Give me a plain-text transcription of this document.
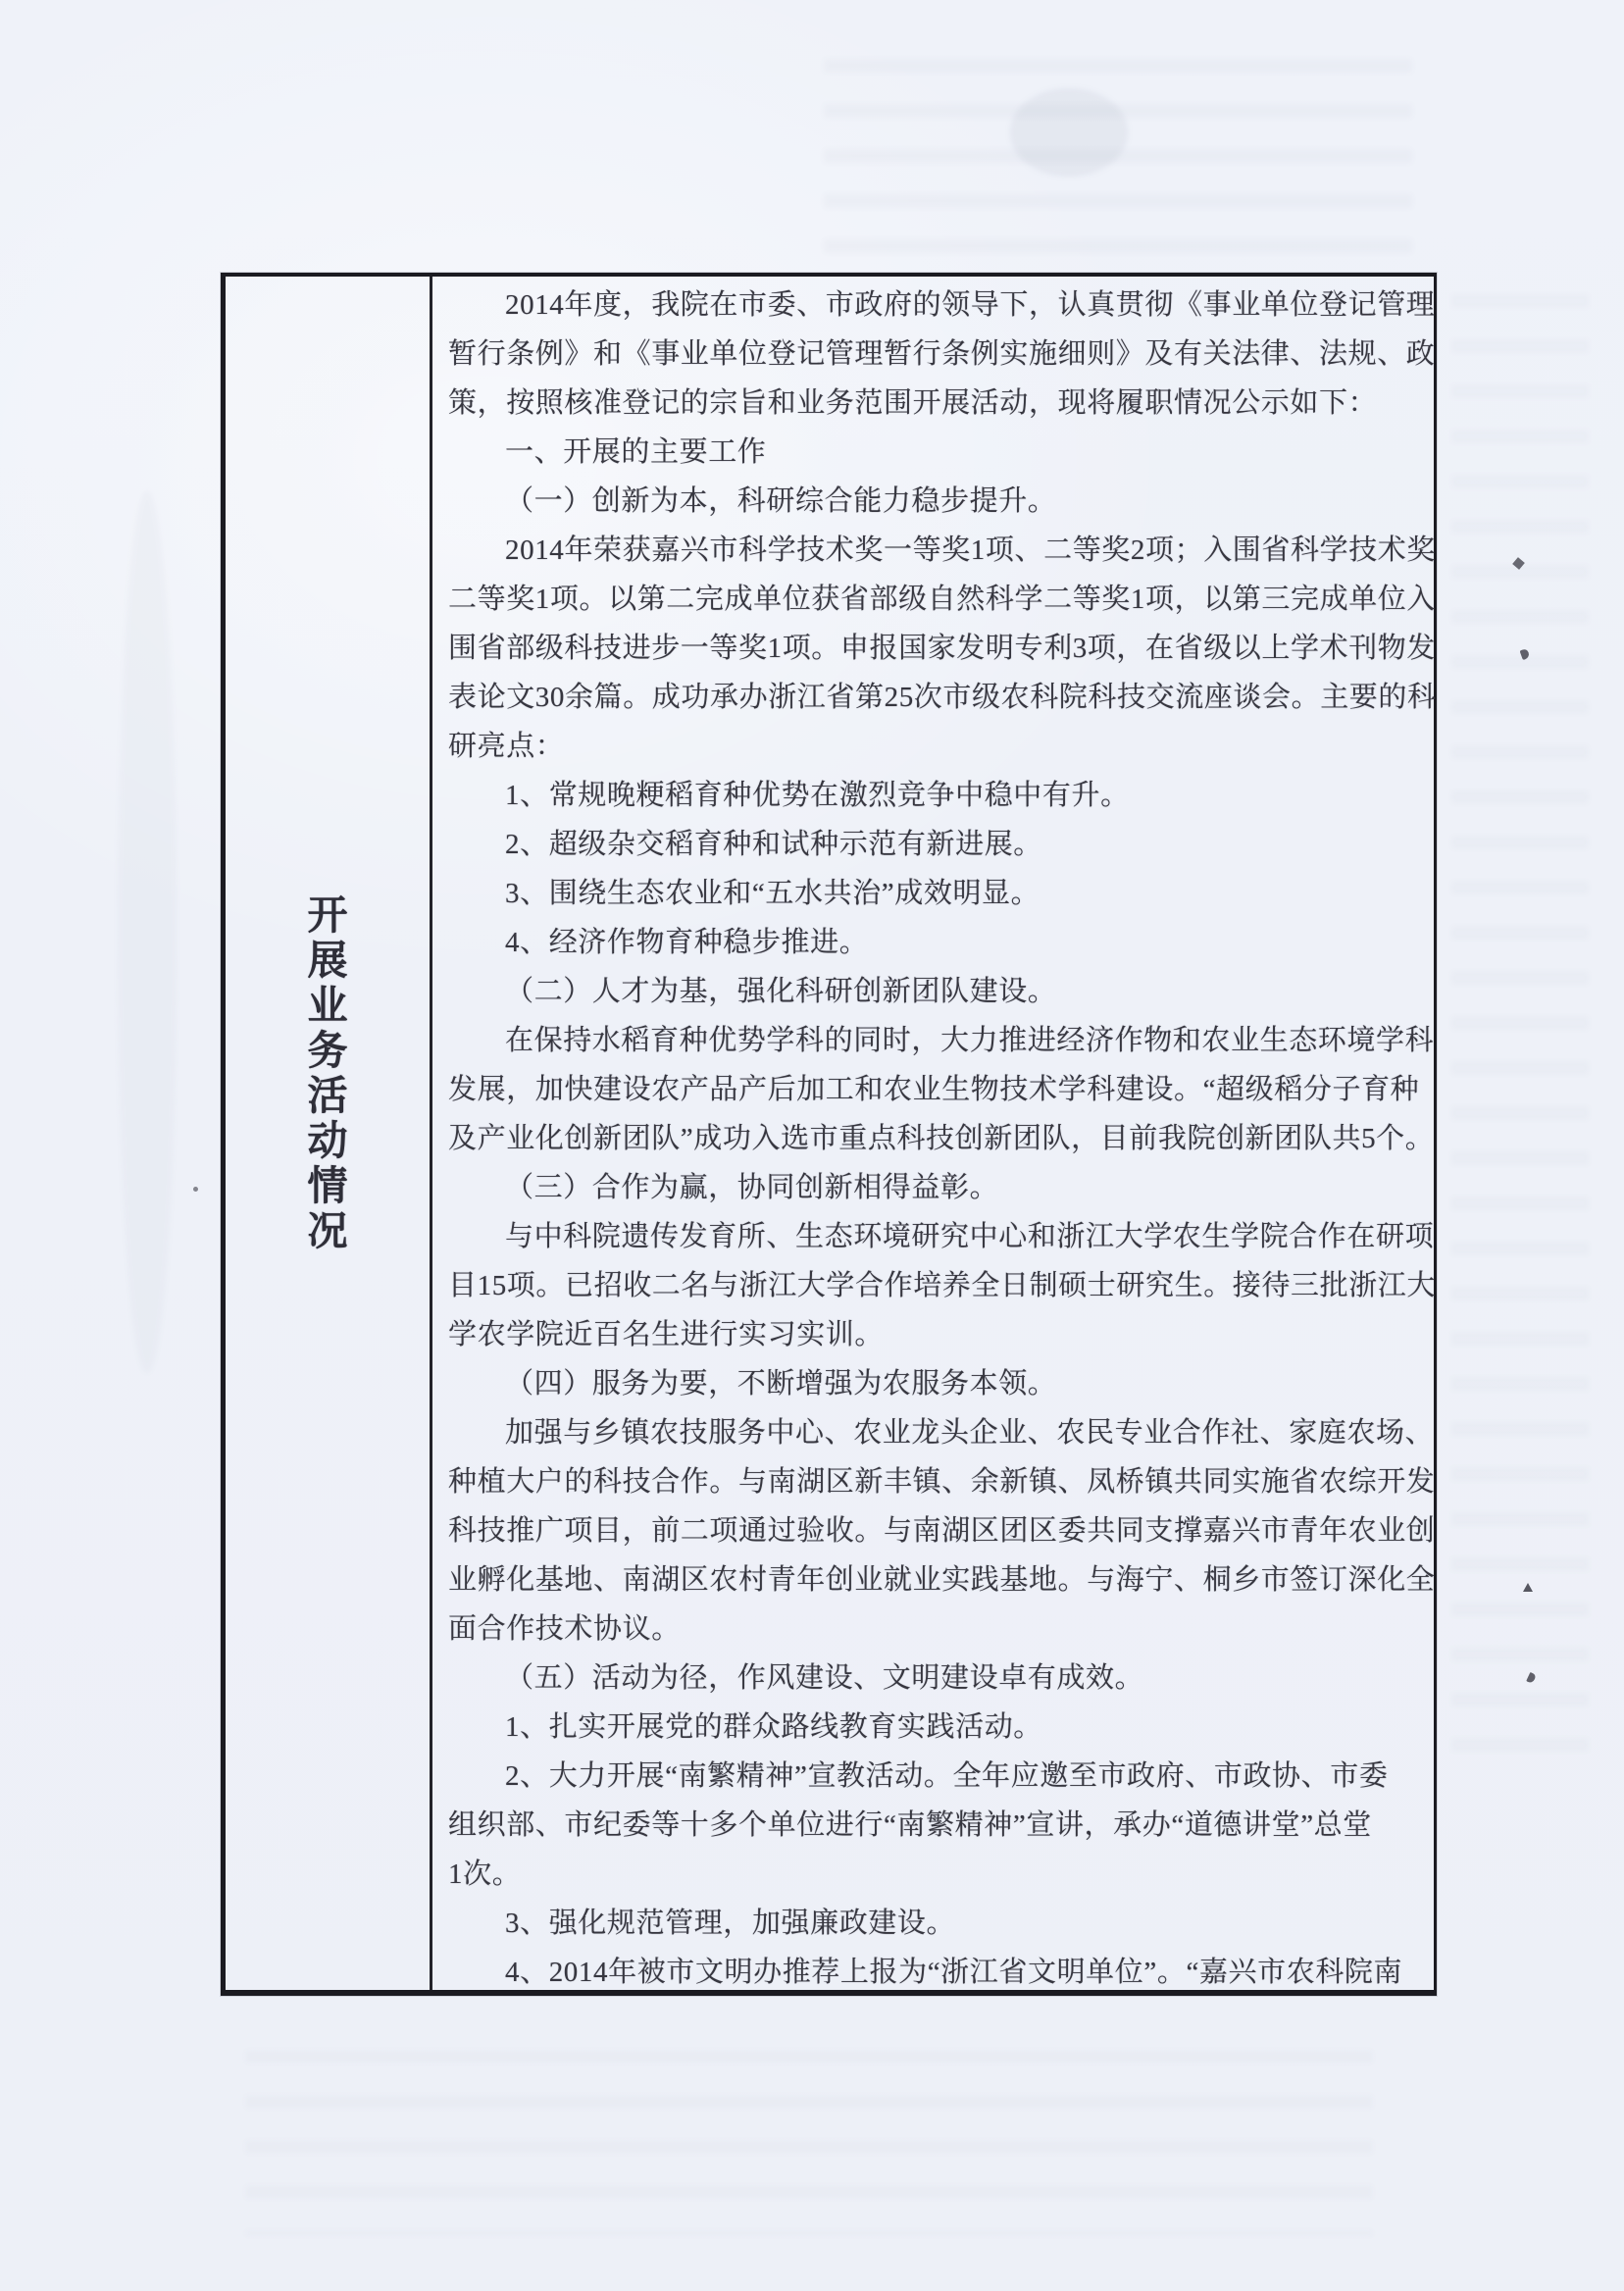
开
展
业
务
活
动
情
况
2014年度，我院在市委、市政府的领导下，认真贯彻《事业单位登记管理
暂行条例》和《事业单位登记管理暂行条例实施细则》及有关法律、法规、政
策，按照核准登记的宗旨和业务范围开展活动，现将履职情况公示如下：
一、开展的主要工作
（一）创新为本，科研综合能力稳步提升。
2014年荣获嘉兴市科学技术奖一等奖1项、二等奖2项；入围省科学技术奖
二等奖1项。以第二完成单位获省部级自然科学二等奖1项，以第三完成单位入
围省部级科技进步一等奖1项。申报国家发明专利3项，在省级以上学术刊物发
表论文30余篇。成功承办浙江省第25次市级农科院科技交流座谈会。主要的科
研亮点：
1、常规晚粳稻育种优势在激烈竞争中稳中有升。
2、超级杂交稻育种和试种示范有新进展。
3、围绕生态农业和“五水共治”成效明显。
4、经济作物育种稳步推进。
（二）人才为基，强化科研创新团队建设。
在保持水稻育种优势学科的同时，大力推进经济作物和农业生态环境学科
发展，加快建设农产品产后加工和农业生物技术学科建设。“超级稻分子育种
及产业化创新团队”成功入选市重点科技创新团队，目前我院创新团队共5个。
（三）合作为赢，协同创新相得益彰。
与中科院遗传发育所、生态环境研究中心和浙江大学农生学院合作在研项
目15项。已招收二名与浙江大学合作培养全日制硕士研究生。接待三批浙江大
学农学院近百名生进行实习实训。
（四）服务为要，不断增强为农服务本领。
加强与乡镇农技服务中心、农业龙头企业、农民专业合作社、家庭农场、
种植大户的科技合作。与南湖区新丰镇、余新镇、凤桥镇共同实施省农综开发
科技推广项目，前二项通过验收。与南湖区团区委共同支撑嘉兴市青年农业创
业孵化基地、南湖区农村青年创业就业实践基地。与海宁、桐乡市签订深化全
面合作技术协议。
（五）活动为径，作风建设、文明建设卓有成效。
1、扎实开展党的群众路线教育实践活动。
2、大力开展“南繁精神”宣教活动。全年应邀至市政府、市政协、市委
组织部、市纪委等十多个单位进行“南繁精神”宣讲，承办“道德讲堂”总堂
1次。
3、强化规范管理，加强廉政建设。
4、2014年被市文明办推荐上报为“浙江省文明单位”。“嘉兴市农科院南
